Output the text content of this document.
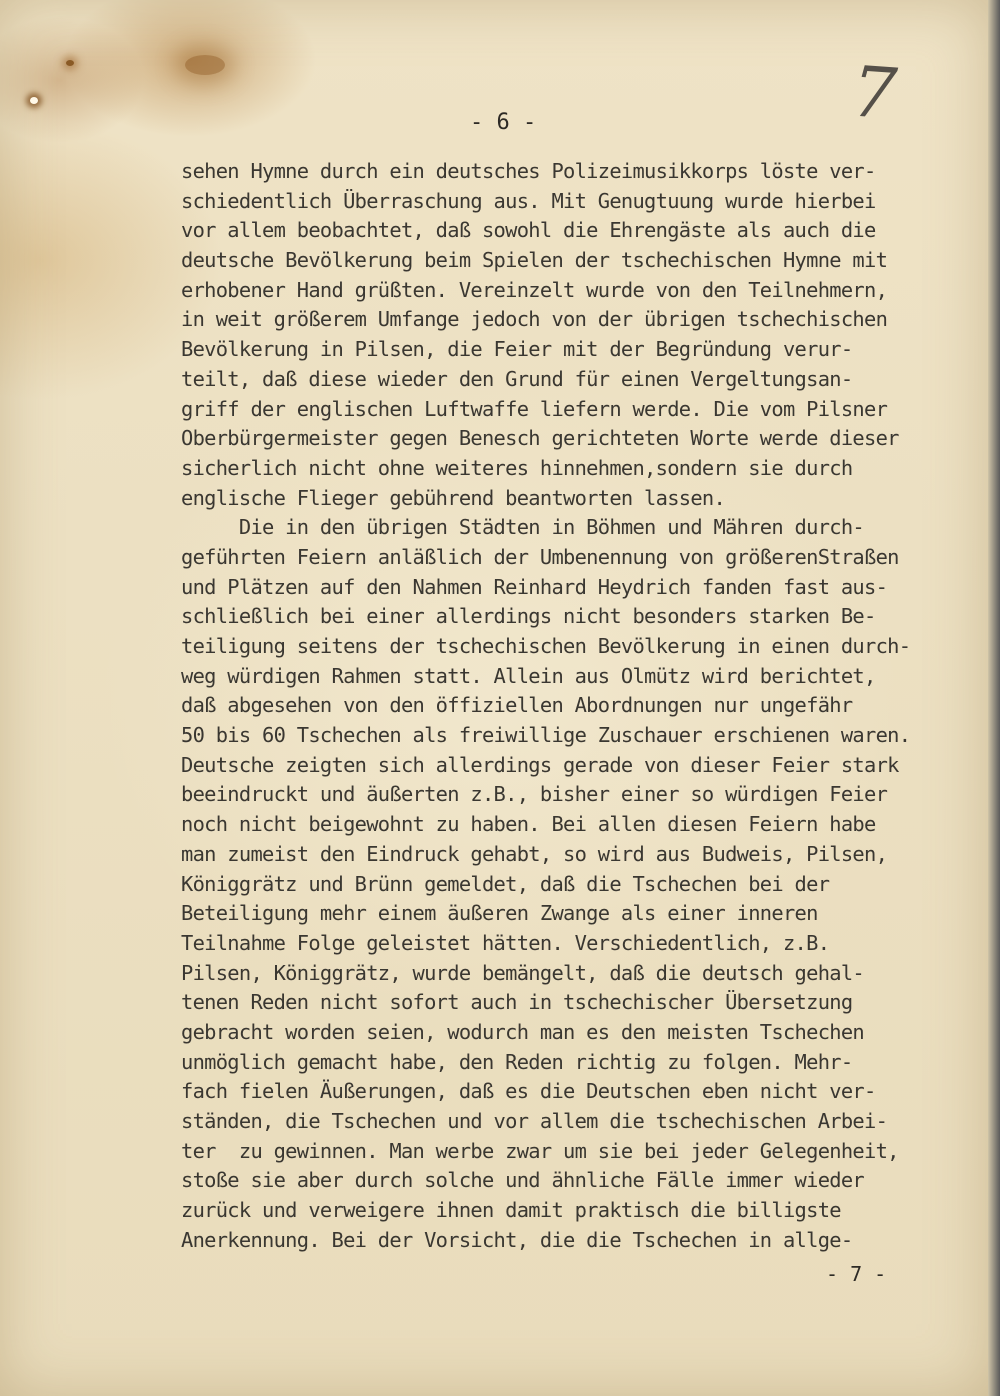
- 6 -	7
sehen Hymne durch ein deutsches Polizeimusikkorps löste ver-
schiedentlich Überraschung aus. Mit Genugtuung wurde hierbei
vor allem beobachtet, daß sowohl die Ehrengäste als auch die
deutsche Bevölkerung beim Spielen der tschechischen Hymne mit
erhobener Hand grüßten. Vereinzelt wurde von den Teilnehmern,
in weit größerem Umfange jedoch von der übrigen tschechischen
Bevölkerung in Pilsen, die Feier mit der Begründung verur-
teilt, daß diese wieder den Grund für einen Vergeltungsan-
griff der englischen Luftwaffe liefern werde. Die vom Pilsner
Oberbürgermeister gegen Benesch gerichteten Worte werde dieser
sicherlich nicht ohne weiteres hinnehmen,sondern sie durch
englische Flieger gebührend beantworten lassen.
Die in den übrigen Städten in Böhmen und Mähren durch-
geführten Feiern anläßlich der Umbenennung von größerenStraßen
und Plätzen auf den Nahmen Reinhard Heydrich fanden fast aus-
schließlich bei einer allerdings nicht besonders starken Be-
teiligung seitens der tschechischen Bevölkerung in einen durch-
weg würdigen Rahmen statt. Allein aus Olmütz wird berichtet,
daß abgesehen von den öffiziellen Abordnungen nur ungefähr
50 bis 60 Tschechen als freiwillige Zuschauer erschienen waren.
Deutsche zeigten sich allerdings gerade von dieser Feier stark
beeindruckt und äußerten z.B., bisher einer so würdigen Feier
noch nicht beigewohnt zu haben. Bei allen diesen Feiern habe
man zumeist den Eindruck gehabt, so wird aus Budweis, Pilsen,
Königgrätz und Brünn gemeldet, daß die Tschechen bei der
Beteiligung mehr einem äußeren Zwange als einer inneren
Teilnahme Folge geleistet hätten. Verschiedentlich, z.B.
Pilsen, Königgrätz, wurde bemängelt, daß die deutsch gehal-
tenen Reden nicht sofort auch in tschechischer Übersetzung
gebracht worden seien, wodurch man es den meisten Tschechen
unmöglich gemacht habe, den Reden richtig zu folgen. Mehr-
fach fielen Äußerungen, daß es die Deutschen eben nicht ver-
ständen, die Tschechen und vor allem die tschechischen Arbei-
ter  zu gewinnen. Man werbe zwar um sie bei jeder Gelegenheit,
stoße sie aber durch solche und ähnliche Fälle immer wieder
zurück und verweigere ihnen damit praktisch die billigste
Anerkennung. Bei der Vorsicht, die die Tschechen in allge-
- 7 -
